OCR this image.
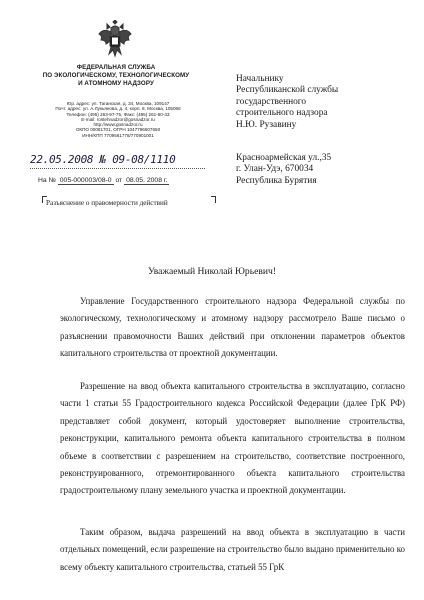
ФЕДЕРАЛЬНАЯ СЛУЖБА
ПО ЭКОЛОГИЧЕСКОМУ, ТЕХНОЛОГИЧЕСКОМУ
И АТОМНОМУ НАДЗОРУ
Юр. адрес: ул. Таганская, д. 34, Москва, 109147
Почт. адрес: ул. А.Лукьянова, д. 4, корп. 8, Москва, 105066
Телефон: (495) 263-97-75, Факс: (495) 261-60-43
E-mail: rostehnadzor@gosnadzor.ru
http://www.gosnadzor.ru
ОКПО 00081701, ОГРН 1047796607650
ИНН/КПП 7709561778/770901001
22.05.2008 № 09-08/1110
На № 005-000003/08-0 от 08.05. 2008 г.
Разъяснение о правомерности действий
Начальнику
Республиканской службы
государственного
строительного надзора
Н.Ю. Рузавину
Красноармейская ул.,35
г. Улан-Удэ, 670034
Республика Бурятия
Уважаемый Николай Юрьевич!

Управление Государственного строительного надзора Федеральной службы по экологическому, технологическому и атомному надзору рассмотрело Ваше письмо о разъяснении правомочности Ваших действий при отклонении параметров объектов капитального строительства от проектной документации.

Разрешение на ввод объекта капитального строительства в эксплуатацию, согласно части 1 статьи 55 Градостроительного кодекса Российской Федерации (далее ГрК РФ) представляет собой документ, который удостоверяет выполнение строительства, реконструкции, капитального ремонта объекта капитального строительства в полном объеме в соответствии с разрешением на строительство, соответствие построенного, реконструированного, отремонтированного объекта капитального строительства градостроительному плану земельного участка и проектной документации.

Таким образом, выдача разрешений на ввод объекта в эксплуатацию в части отдельных помещений, если разрешение на строительство было выдано применительно ко всему объекту капитального строительства, статьей 55 ГрК
